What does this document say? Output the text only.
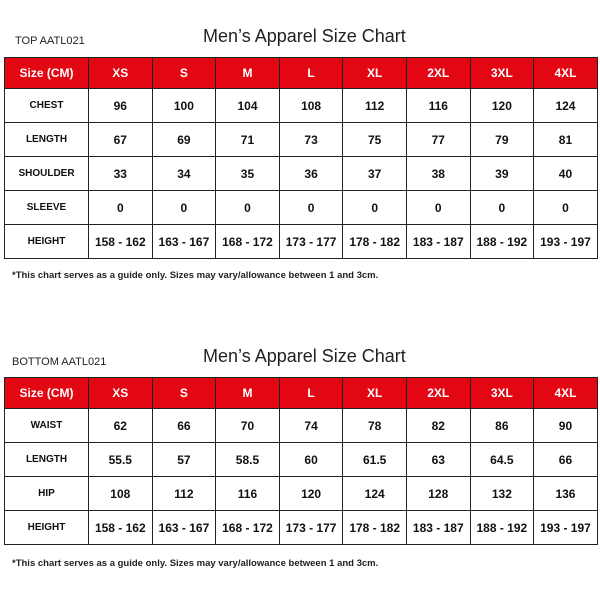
TOP AATL021	Men’s Apparel Size Chart
Size (CM)	XS	S	M	L	XL	2XL	3XL	4XL
CHEST	96	100	104	108	112	116	120	124
LENGTH	67	69	71	73	75	77	79	81
SHOULDER	33	34	35	36	37	38	39	40
SLEEVE	0	0	0	0	0	0	0	0
HEIGHT	158 - 162	163 - 167	168 - 172	173 - 177	178 - 182	183 - 187	188 - 192	193 - 197
*This chart serves as a guide only. Sizes may vary/allowance between 1 and 3cm.
BOTTOM AATL021	Men’s Apparel Size Chart
Size (CM)	XS	S	M	L	XL	2XL	3XL	4XL
WAIST	62	66	70	74	78	82	86	90
LENGTH	55.5	57	58.5	60	61.5	63	64.5	66
HIP	108	112	116	120	124	128	132	136
HEIGHT	158 - 162	163 - 167	168 - 172	173 - 177	178 - 182	183 - 187	188 - 192	193 - 197
*This chart serves as a guide only. Sizes may vary/allowance between 1 and 3cm.
